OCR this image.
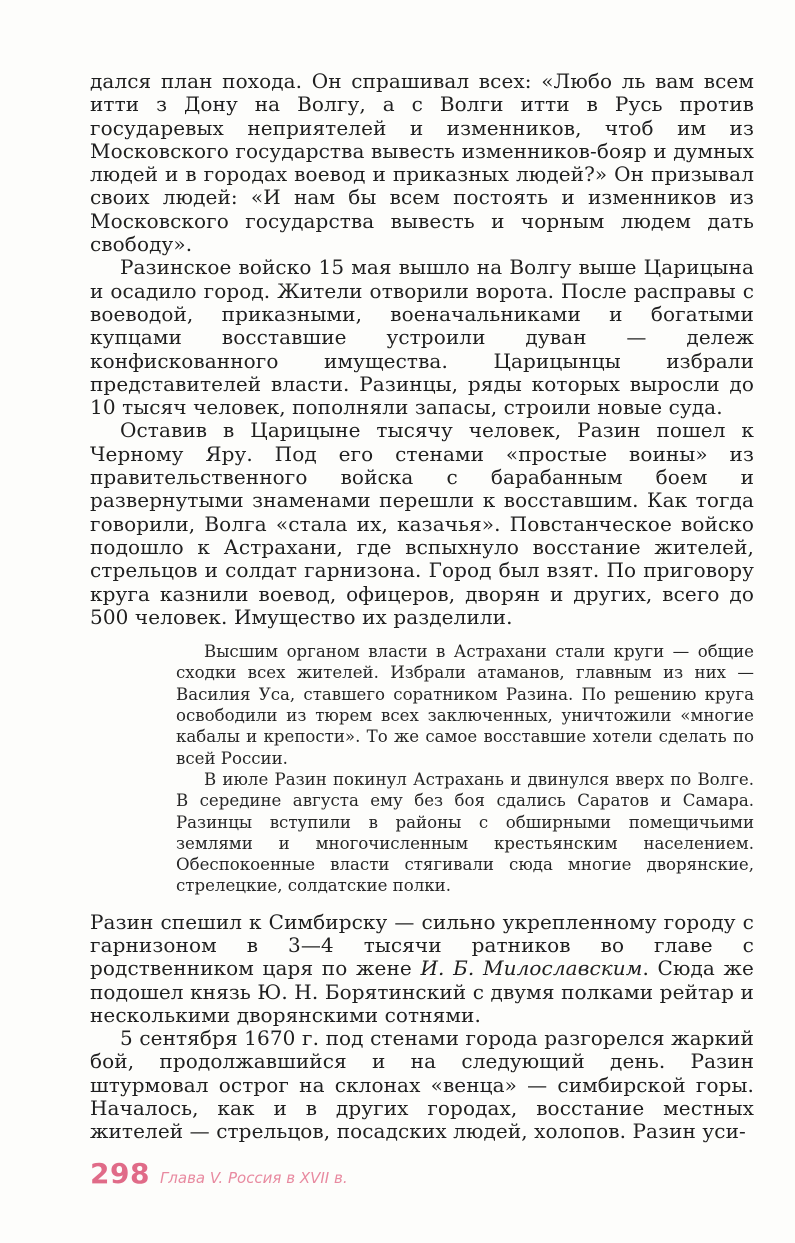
дался план похода. Он спрашивал всех: «Любо ль вам всем итти з Дону на Волгу, а с Волги итти в Русь против государевых неприятелей и изменников, чтоб им из Московского государства вывесть изменников-бояр и думных людей и в городах воевод и приказных людей?» Он призывал своих людей: «И нам бы всем постоять и изменников из Московского государства вывесть и чорным людем дать свободу».

Разинское войско 15 мая вышло на Волгу выше Царицына и осадило город. Жители отворили ворота. После расправы с воеводой, приказными, военачальниками и богатыми купцами восставшие устроили дуван — дележ конфискованного имущества. Царицынцы избрали представителей власти. Разинцы, ряды которых выросли до 10 тысяч человек, пополняли запасы, строили новые суда.

Оставив в Царицыне тысячу человек, Разин пошел к Черному Яру. Под его стенами «простые воины» из правительственного войска с барабанным боем и развернутыми знаменами перешли к восставшим. Как тогда говорили, Волга «стала их, казачья». Повстанческое войско подошло к Астрахани, где вспыхнуло восстание жителей, стрельцов и солдат гарнизона. Город был взят. По приговору круга казнили воевод, офицеров, дворян и других, всего до 500 человек. Имущество их разделили.

Высшим органом власти в Астрахани стали круги — общие сходки всех жителей. Избрали атаманов, главным из них — Василия Уса, ставшего соратником Разина. По решению круга освободили из тюрем всех заключенных, уничтожили «многие кабалы и крепости». То же самое восставшие хотели сделать по всей России.

В июле Разин покинул Астрахань и двинулся вверх по Волге. В середине августа ему без боя сдались Саратов и Самара. Разинцы вступили в районы с обширными помещичьими землями и многочисленным крестьянским населением. Обеспокоенные власти стягивали сюда многие дворянские, стрелецкие, солдатские полки.

Разин спешил к Симбирску — сильно укрепленному городу с гарнизоном в 3—4 тысячи ратников во главе с родственником царя по жене И. Б. Милославским. Сюда же подошел князь Ю. Н. Борятинский с двумя полками рейтар и несколькими дворянскими сотнями.

5 сентября 1670 г. под стенами города разгорелся жаркий бой, продолжавшийся и на следующий день. Разин штурмовал острог на склонах «венца» — симбирской горы. Началось, как и в других городах, восстание местных жителей — стрельцов, посадских людей, холопов. Разин уси-

298 Глава V. Россия в XVII в.
